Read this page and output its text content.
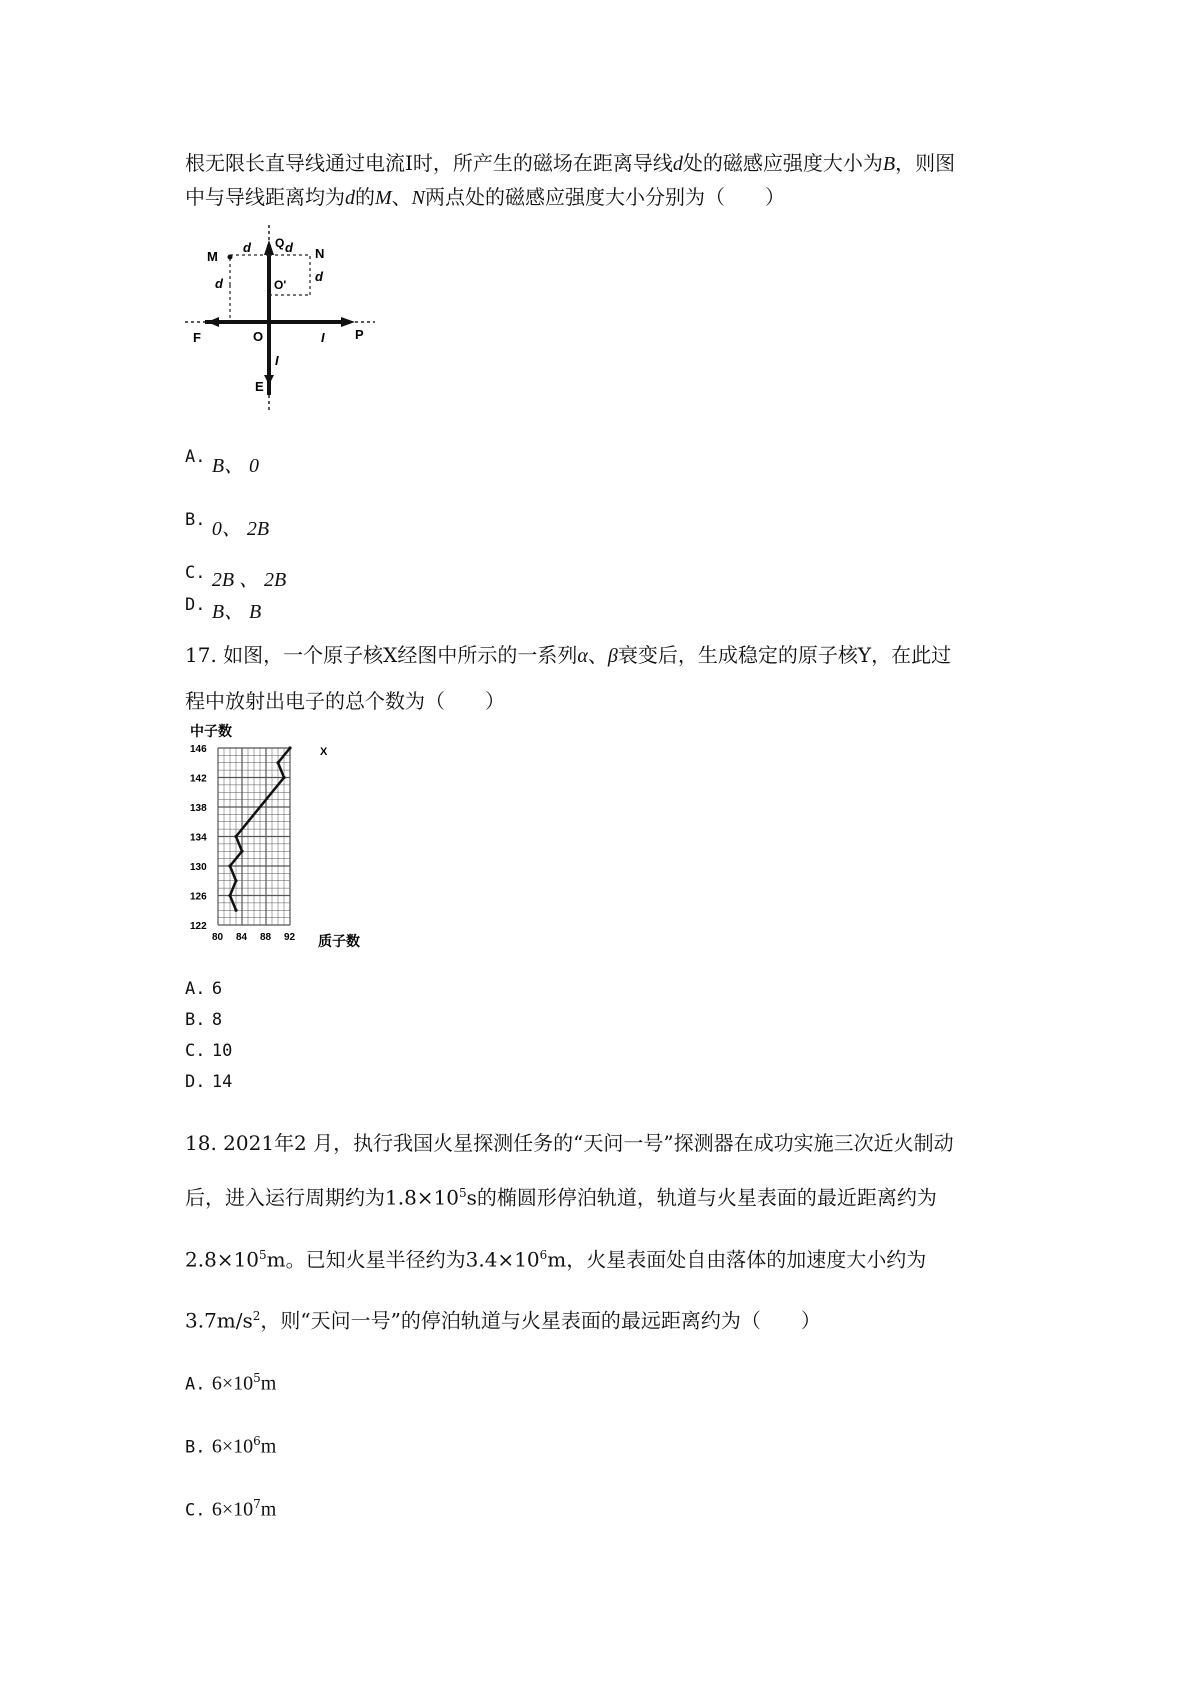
根无限长直导线通过电流I时，所产生的磁场在距离导线d处的磁感应强度大小为B，则图
中与导线距离均为d的M、N两点处的磁感应强度大小分别为（　　）
Q
M	N
d	d
d	d
O'
O
F	I P
I
E
$^{A.}$ B、 0
$^{B.}$ 0、 2B
$^{C.}$ 2B 、 2B
$^{D.}$ B、 B
17. 如图，一个原子核X经图中所示的一系列α、β衰变后，生成稳定的原子核Y，在此过
程中放射出电子的总个数为（　　）
中子数
质子数
80 84 88 92
122
126
130
134
138
142
146	X
A. 6
B. 8
C. 10
D. 14
18. 2021年2 月，执行我国火星探测任务的“天问一号”探测器在成功实施三次近火制动
后，进入运行周期约为$1.8\times 10^5s$的椭圆形停泊轨道，轨道与火星表面的最近距离约为
$2.8\times 10^5m$。已知火星半径约为$3.4\times 10^6m$，火星表面处自由落体的加速度大小约为
$3.7m/s^2$，则“天问一号”的停泊轨道与火星表面的最远距离约为（　　）
A. $6\times 10^5m$
B. $6\times 10^6m$
C. $6\times 10^7m$
